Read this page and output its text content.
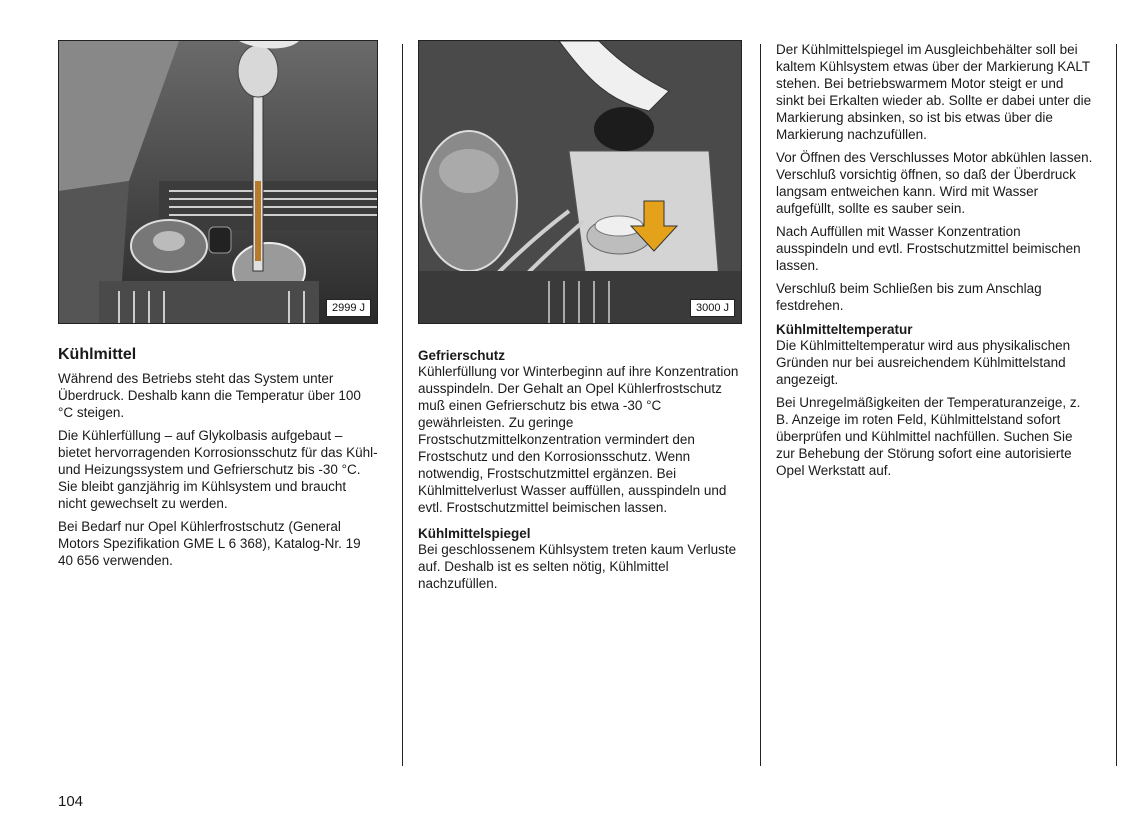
2999 J
Kühlmittel

Während des Betriebs steht das System unter Überdruck. Deshalb kann die Temperatur über 100 °C steigen.

Die Kühlerfüllung – auf Glykolbasis aufgebaut – bietet hervorragenden Korrosionsschutz für das Kühl- und Heizungssystem und Gefrierschutz bis -30 °C. Sie bleibt ganzjährig im Kühlsystem und braucht nicht gewechselt zu werden.

Bei Bedarf nur Opel Kühlerfrostschutz (General Motors Spezifikation GME L 6 368), Katalog-Nr. 19 40 656 verwenden.

3000 J
Gefrierschutz

Kühlerfüllung vor Winterbeginn auf ihre Konzentration ausspindeln. Der Gehalt an Opel Kühlerfrostschutz muß einen Gefrierschutz bis etwa -30 °C gewährleisten. Zu geringe Frostschutzmittelkonzentration vermindert den Frostschutz und den Korrosionsschutz. Wenn notwendig, Frostschutzmittel ergänzen. Bei Kühlmittelverlust Wasser auffüllen, ausspindeln und evtl. Frostschutzmittel beimischen lassen.

Kühlmittelspiegel

Bei geschlossenem Kühlsystem treten kaum Verluste auf. Deshalb ist es selten nötig, Kühlmittel nachzufüllen.

Der Kühlmittelspiegel im Ausgleichbehälter soll bei kaltem Kühlsystem etwas über der Markierung KALT stehen. Bei betriebswarmem Motor steigt er und sinkt bei Erkalten wieder ab. Sollte er dabei unter die Markierung absinken, so ist bis etwas über die Markierung nachzufüllen.

Vor Öffnen des Verschlusses Motor abkühlen lassen. Verschluß vorsichtig öffnen, so daß der Überdruck langsam entweichen kann. Wird mit Wasser aufgefüllt, sollte es sauber sein.

Nach Auffüllen mit Wasser Konzentration ausspindeln und evtl. Frostschutzmittel beimischen lassen.

Verschluß beim Schließen bis zum Anschlag festdrehen.

Kühlmitteltemperatur

Die Kühlmitteltemperatur wird aus physikalischen Gründen nur bei ausreichendem Kühlmittelstand angezeigt.

Bei Unregelmäßigkeiten der Temperaturanzeige, z. B. Anzeige im roten Feld, Kühlmittelstand sofort überprüfen und Kühlmittel nachfüllen. Suchen Sie zur Behebung der Störung sofort eine autorisierte Opel Werkstatt auf.

104
